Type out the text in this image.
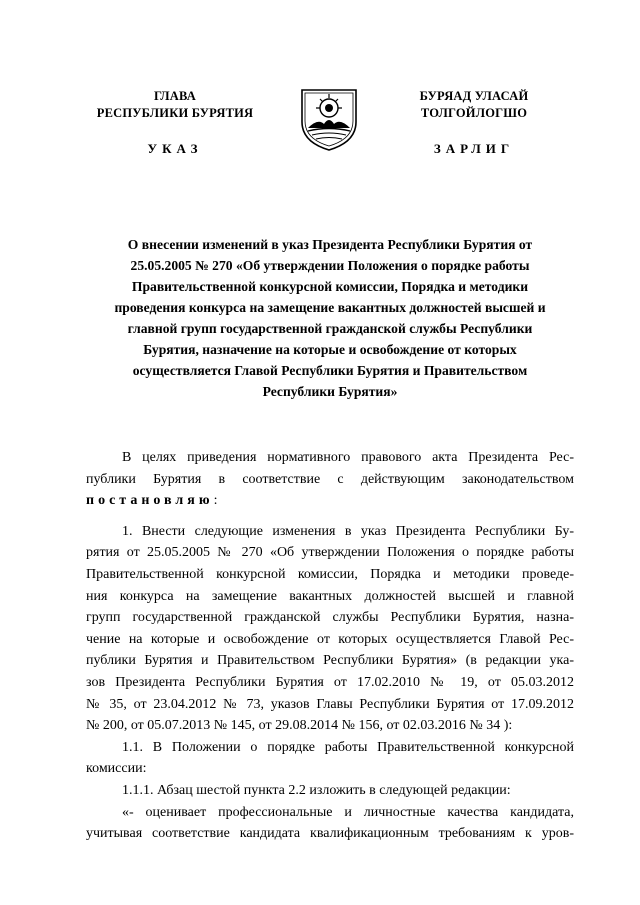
ГЛАВА
РЕСПУБЛИКИ БУРЯТИЯ
БУРЯАД УЛАСАЙ
ТОЛГОЙЛОГШО
УКАЗ	ЗАРЛИГ
О внесении изменений в указ Президента Республики Бурятия от
25.05.2005 № 270 «Об утверждении Положения о порядке работы
Правительственной конкурсной комиссии, Порядка и методики
проведения конкурса на замещение вакантных должностей высшей и
главной групп государственной гражданской службы Республики
Бурятия, назначение на которые и освобождение от которых
осуществляется Главой Республики Бурятия и Правительством
Республики Бурятия»
В целях приведения нормативного правового акта Президента Рес-
публики Бурятия в соответствие с действующим законодательством
постановляю:
1. Внести следующие изменения в указ Президента Республики Бу-
рятия от 25.05.2005 № 270 «Об утверждении Положения о порядке работы
Правительственной конкурсной комиссии, Порядка и методики проведе-
ния конкурса на замещение вакантных должностей высшей и главной
групп государственной гражданской службы Республики Бурятия, назна-
чение на которые и освобождение от которых осуществляется Главой Рес-
публики Бурятия и Правительством Республики Бурятия» (в редакции ука-
зов Президента Республики Бурятия от 17.02.2010 № 19, от 05.03.2012
№ 35, от 23.04.2012 № 73, указов Главы Республики Бурятия от 17.09.2012
№ 200, от 05.07.2013 № 145, от 29.08.2014 № 156, от 02.03.2016 № 34 ):
1.1. В Положении о порядке работы Правительственной конкурсной
комиссии:
1.1.1. Абзац шестой пункта 2.2 изложить в следующей редакции:
«- оценивает профессиональные и личностные качества кандидата,
учитывая соответствие кандидата квалификационным требованиям к уров-
